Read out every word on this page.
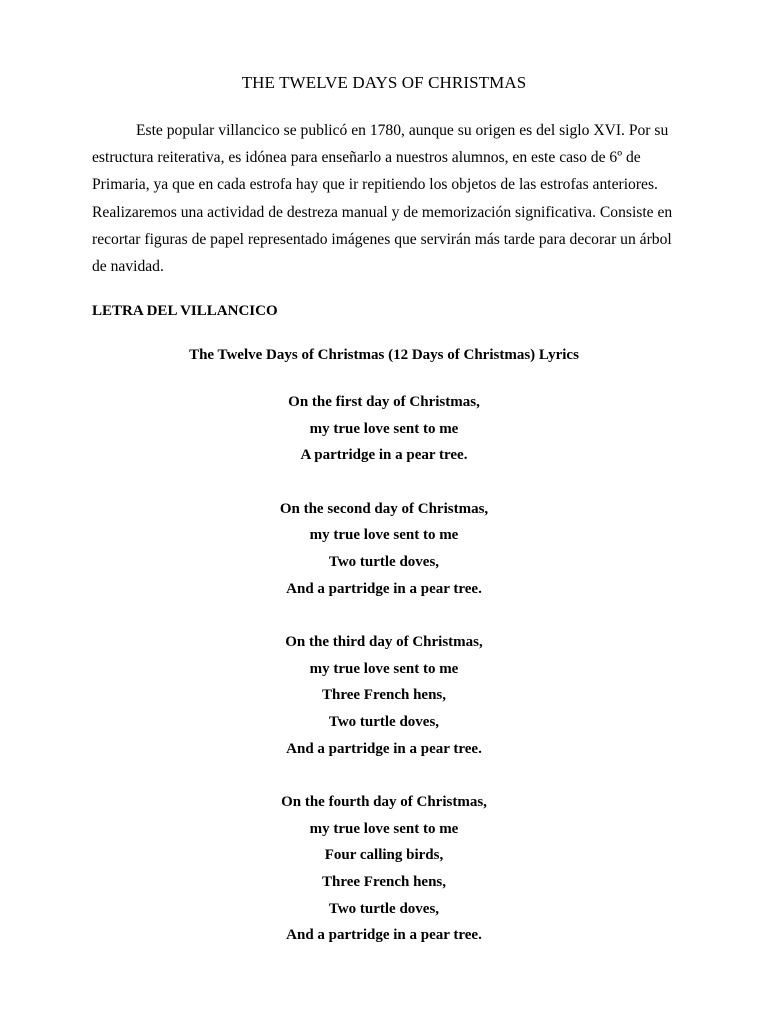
THE TWELVE DAYS OF CHRISTMAS

Este popular villancico se publicó en 1780, aunque su origen es del siglo XVI. Por su estructura reiterativa, es idónea para enseñarlo a nuestros alumnos, en este caso de 6º de Primaria, ya que en cada estrofa hay que ir repitiendo los objetos de las estrofas anteriores. Realizaremos una actividad de destreza manual y de memorización significativa. Consiste en recortar figuras de papel representado imágenes que servirán más tarde para decorar un árbol de navidad.

LETRA DEL VILLANCICO
The Twelve Days of Christmas (12 Days of Christmas) Lyrics
On the first day of Christmas,
my true love sent to me
A partridge in a pear tree.
On the second day of Christmas,
my true love sent to me
Two turtle doves,
And a partridge in a pear tree.
On the third day of Christmas,
my true love sent to me
Three French hens,
Two turtle doves,
And a partridge in a pear tree.
On the fourth day of Christmas,
my true love sent to me
Four calling birds,
Three French hens,
Two turtle doves,
And a partridge in a pear tree.
